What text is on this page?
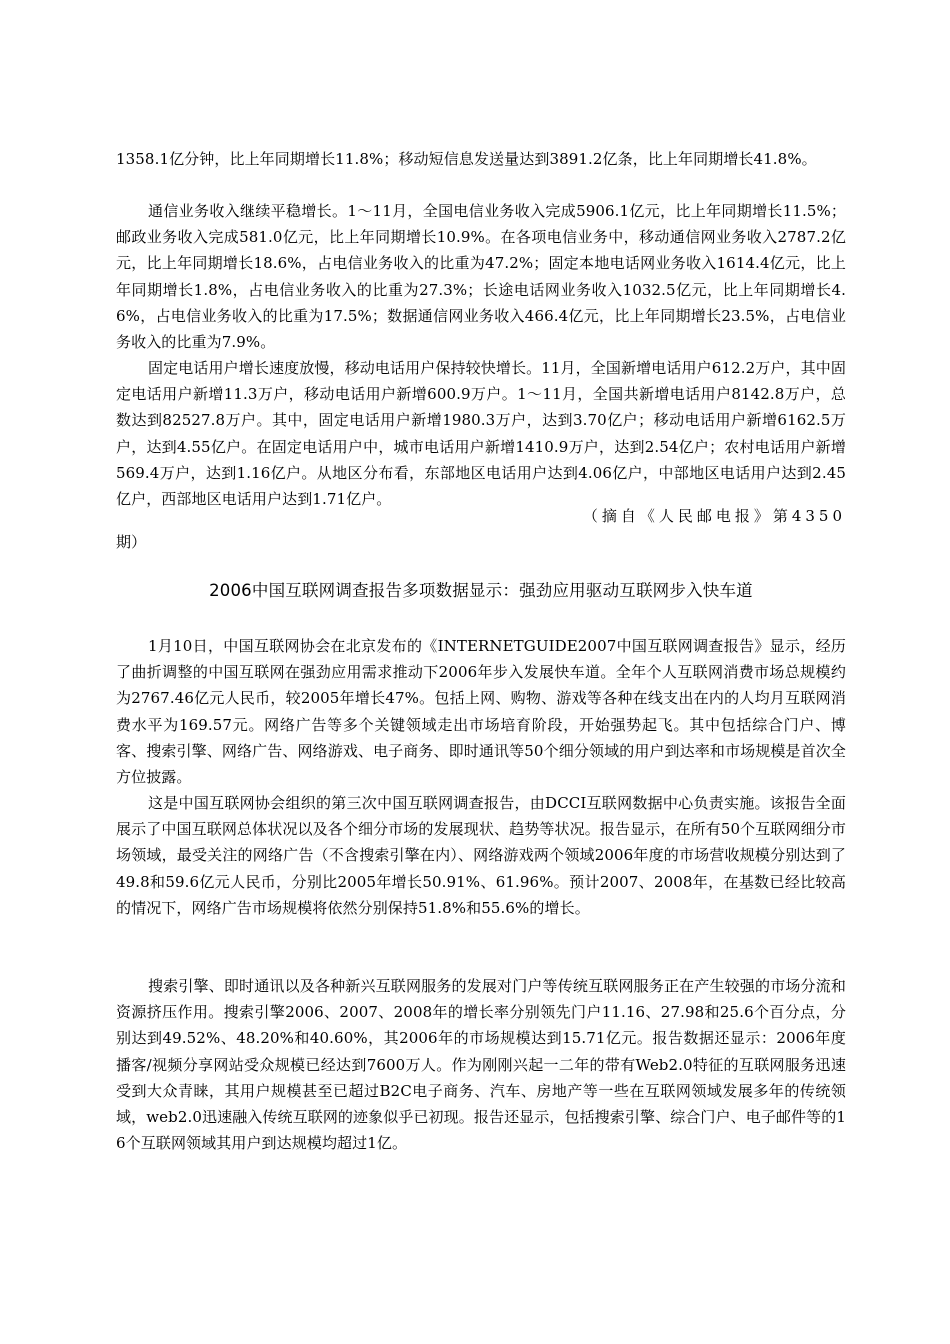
1358.1亿分钟，比上年同期增长11.8%；移动短信息发送量达到3891.2亿条，比上年同期增长41.8%。
通信业务收入继续平稳增长。1～11月，全国电信业务收入完成5906.1亿元，比上年同期增长11.5%；邮政业务收入完成581.0亿元，比上年同期增长10.9%。在各项电信业务中，移动通信网业务收入2787.2亿元，比上年同期增长18.6%，占电信业务收入的比重为47.2%；固定本地电话网业务收入1614.4亿元，比上年同期增长1.8%，占电信业务收入的比重为27.3%；长途电话网业务收入1032.5亿元，比上年同期增长4.6%，占电信业务收入的比重为17.5%；数据通信网业务收入466.4亿元，比上年同期增长23.5%，占电信业务收入的比重为7.9%。
固定电话用户增长速度放慢，移动电话用户保持较快增长。11月，全国新增电话用户612.2万户，其中固定电话用户新增11.3万户，移动电话用户新增600.9万户。1～11月，全国共新增电话用户8142.8万户，总数达到82527.8万户。其中，固定电话用户新增1980.3万户，达到3.70亿户；移动电话用户新增6162.5万户，达到4.55亿户。在固定电话用户中，城市电话用户新增1410.9万户，达到2.54亿户；农村电话用户新增569.4万户，达到1.16亿户。从地区分布看，东部地区电话用户达到4.06亿户，中部地区电话用户达到2.45亿户，西部地区电话用户达到1.71亿户。
（摘自《人民邮电报》第4350
期）
2006中国互联网调查报告多项数据显示：强劲应用驱动互联网步入快车道
1月10日，中国互联网协会在北京发布的《INTERNETGUIDE2007中国互联网调查报告》显示，经历了曲折调整的中国互联网在强劲应用需求推动下2006年步入发展快车道。全年个人互联网消费市场总规模约为2767.46亿元人民币，较2005年增长47%。包括上网、购物、游戏等各种在线支出在内的人均月互联网消费水平为169.57元。网络广告等多个关键领域走出市场培育阶段，开始强势起飞。其中包括综合门户、博客、搜索引擎、网络广告、网络游戏、电子商务、即时通讯等50个细分领域的用户到达率和市场规模是首次全方位披露。
这是中国互联网协会组织的第三次中国互联网调查报告，由DCCI互联网数据中心负责实施。该报告全面展示了中国互联网总体状况以及各个细分市场的发展现状、趋势等状况。报告显示，在所有50个互联网细分市场领域，最受关注的网络广告（不含搜索引擎在内）、网络游戏两个领域2006年度的市场营收规模分别达到了49.8和59.6亿元人民币，分别比2005年增长50.91%、61.96%。预计2007、2008年，在基数已经比较高的情况下，网络广告市场规模将依然分别保持51.8%和55.6%的增长。
搜索引擎、即时通讯以及各种新兴互联网服务的发展对门户等传统互联网服务正在产生较强的市场分流和资源挤压作用。搜索引擎2006、2007、2008年的增长率分别领先门户11.16、27.98和25.6个百分点，分别达到49.52%、48.20%和40.60%，其2006年的市场规模达到15.71亿元。报告数据还显示：2006年度播客/视频分享网站受众规模已经达到7600万人。作为刚刚兴起一二年的带有Web2.0特征的互联网服务迅速受到大众青睐，其用户规模甚至已超过B2C电子商务、汽车、房地产等一些在互联网领域发展多年的传统领域，web2.0迅速融入传统互联网的迹象似乎已初现。报告还显示，包括搜索引擎、综合门户、电子邮件等的16个互联网领域其用户到达规模均超过1亿。
